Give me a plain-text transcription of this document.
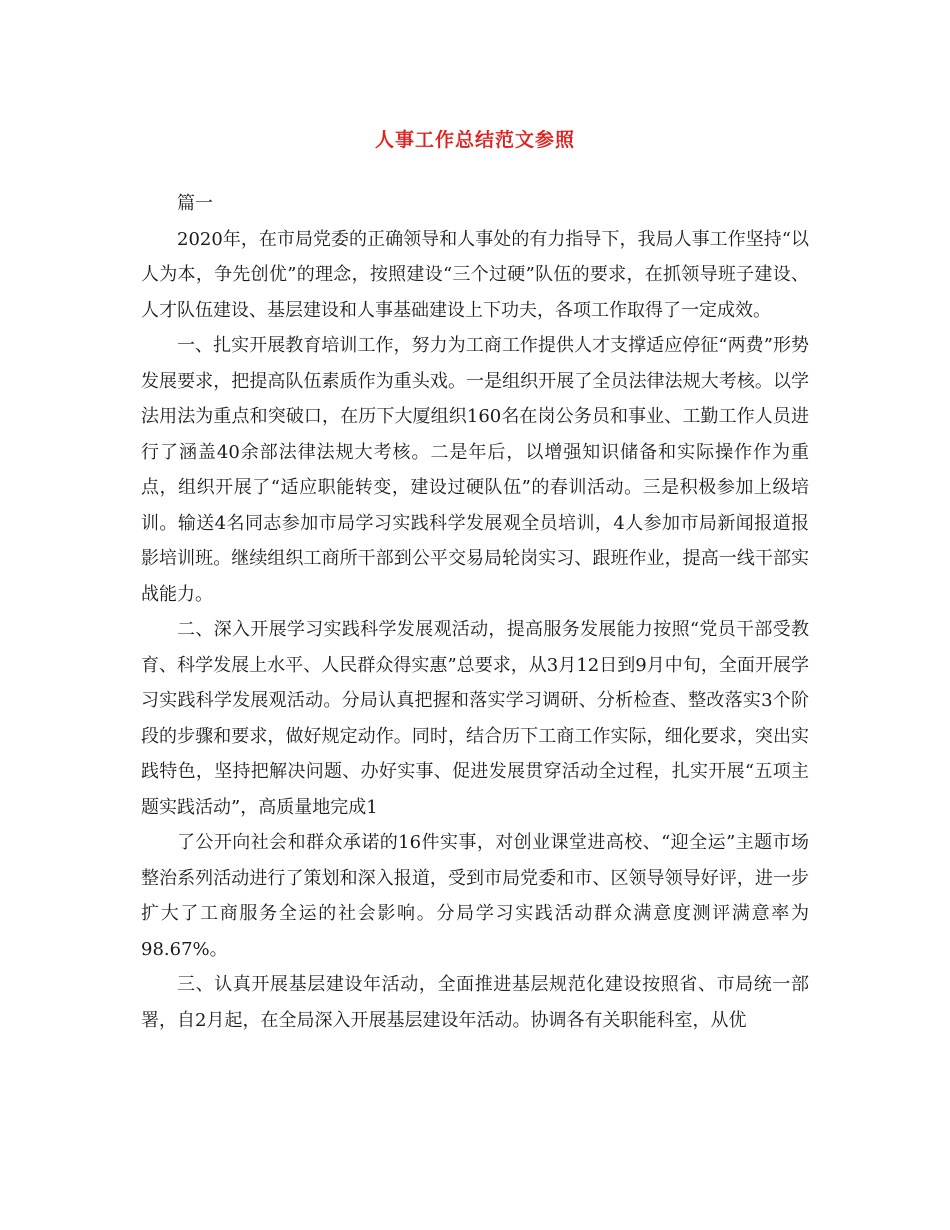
人事工作总结范文参照

篇一

2020年，在市局党委的正确领导和人事处的有力指导下，我局人事工作坚持“以人为本，争先创优”的理念，按照建设“三个过硬”队伍的要求，在抓领导班子建设、人才队伍建设、基层建设和人事基础建设上下功夫，各项工作取得了一定成效。

一、扎实开展教育培训工作，努力为工商工作提供人才支撑适应停征“两费”形势发展要求，把提高队伍素质作为重头戏。一是组织开展了全员法律法规大考核。以学法用法为重点和突破口，在历下大厦组织160名在岗公务员和事业、工勤工作人员进行了涵盖40余部法律法规大考核。二是年后，以增强知识储备和实际操作作为重点，组织开展了“适应职能转变，建设过硬队伍”的春训活动。三是积极参加上级培训。输送4名同志参加市局学习实践科学发展观全员培训，4人参加市局新闻报道报影培训班。继续组织工商所干部到公平交易局轮岗实习、跟班作业，提高一线干部实战能力。

二、深入开展学习实践科学发展观活动，提高服务发展能力按照“党员干部受教育、科学发展上水平、人民群众得实惠”总要求，从3月12日到9月中旬，全面开展学习实践科学发展观活动。分局认真把握和落实学习调研、分析检查、整改落实3个阶段的步骤和要求，做好规定动作。同时，结合历下工商工作实际，细化要求，突出实践特色，坚持把解决问题、办好实事、促进发展贯穿活动全过程，扎实开展“五项主题实践活动”，高质量地完成1

了公开向社会和群众承诺的16件实事，对创业课堂进高校、“迎全运”主题市场整治系列活动进行了策划和深入报道，受到市局党委和市、区领导领导好评，进一步扩大了工商服务全运的社会影响。分局学习实践活动群众满意度测评满意率为98.67%。

三、认真开展基层建设年活动，全面推进基层规范化建设按照省、市局统一部署，自2月起，在全局深入开展基层建设年活动。协调各有关职能科室，从优
